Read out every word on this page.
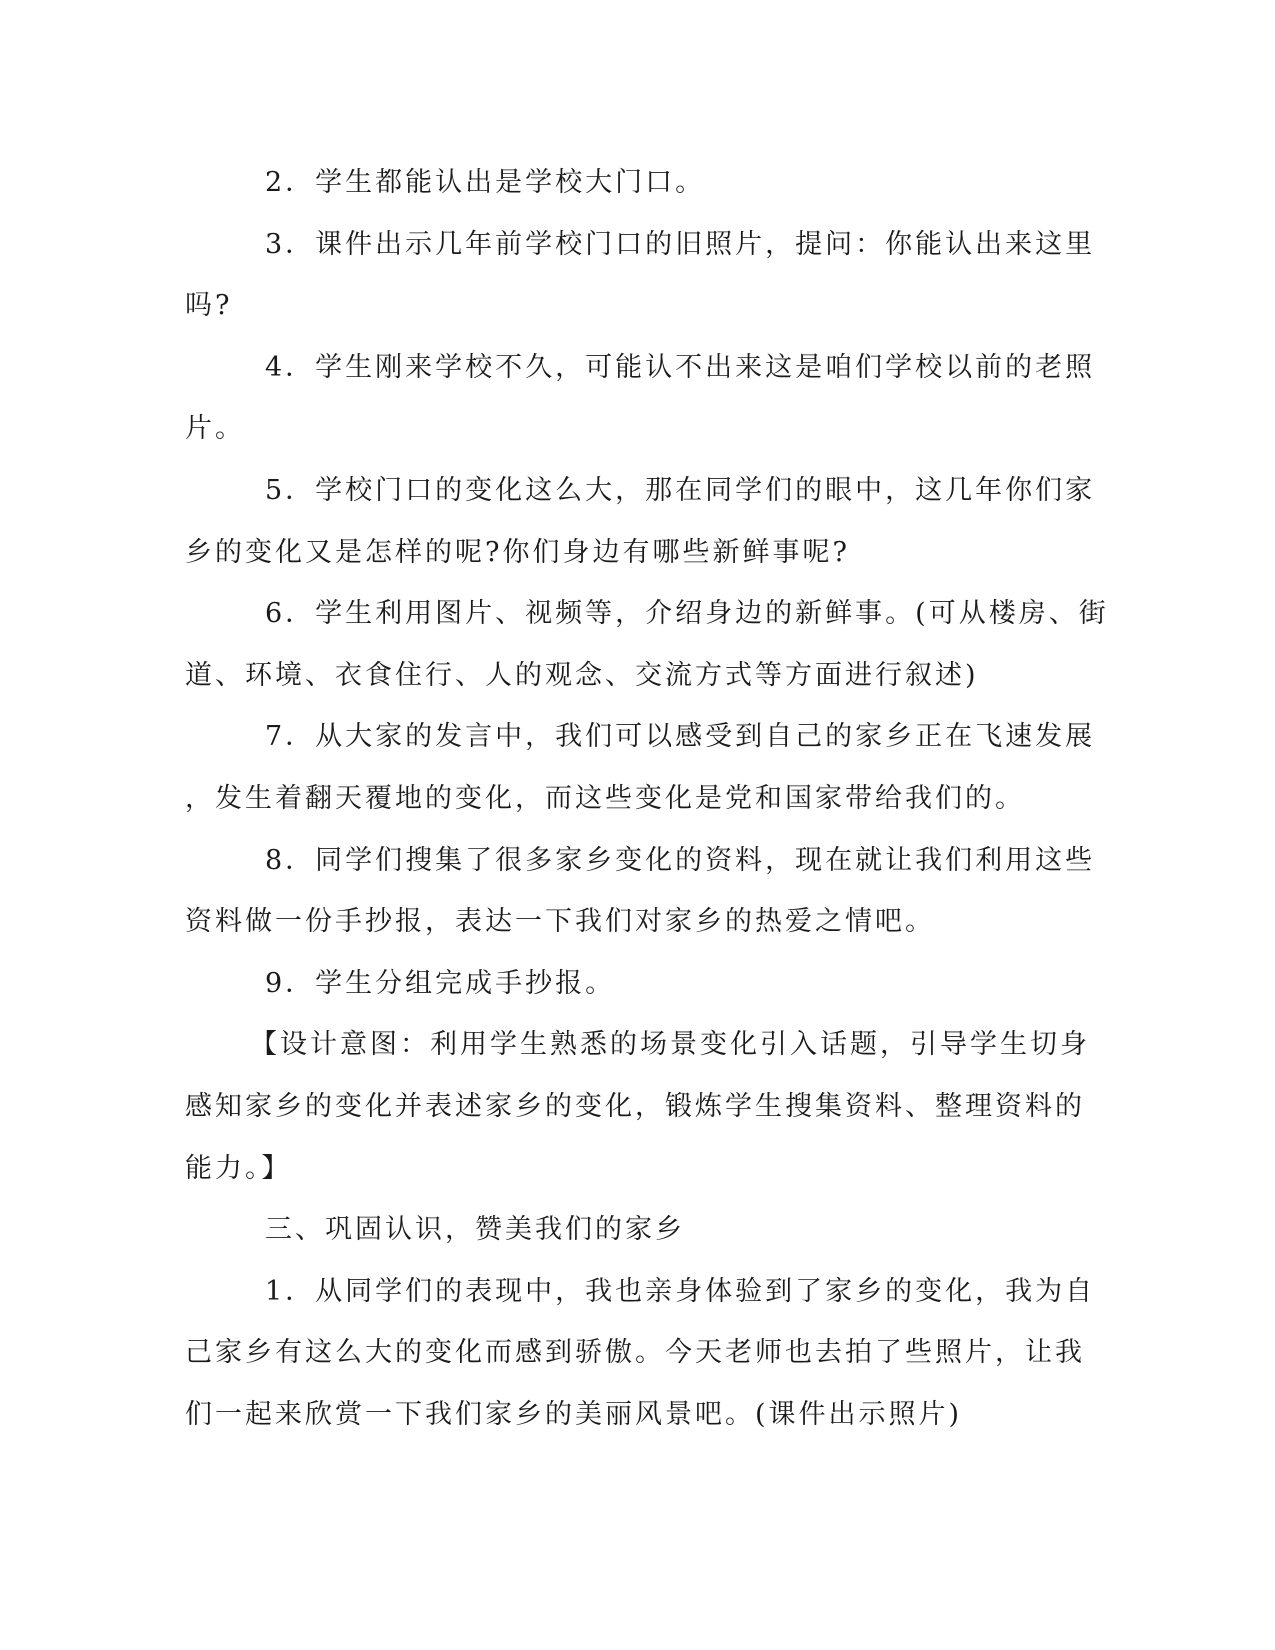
2．学生都能认出是学校大门口。
3．课件出示几年前学校门口的旧照片，提问：你能认出来这里
吗?
4．学生刚来学校不久，可能认不出来这是咱们学校以前的老照
片。
5．学校门口的变化这么大，那在同学们的眼中，这几年你们家
乡的变化又是怎样的呢?你们身边有哪些新鲜事呢?
6．学生利用图片、视频等，介绍身边的新鲜事。(可从楼房、街
道、环境、衣食住行、人的观念、交流方式等方面进行叙述)
7．从大家的发言中，我们可以感受到自己的家乡正在飞速发展
，发生着翻天覆地的变化，而这些变化是党和国家带给我们的。
8．同学们搜集了很多家乡变化的资料，现在就让我们利用这些
资料做一份手抄报，表达一下我们对家乡的热爱之情吧。
9．学生分组完成手抄报。
【设计意图：利用学生熟悉的场景变化引入话题，引导学生切身
感知家乡的变化并表述家乡的变化，锻炼学生搜集资料、整理资料的
能力。】
三、巩固认识，赞美我们的家乡
1．从同学们的表现中，我也亲身体验到了家乡的变化，我为自
己家乡有这么大的变化而感到骄傲。今天老师也去拍了些照片，让我
们一起来欣赏一下我们家乡的美丽风景吧。(课件出示照片)
